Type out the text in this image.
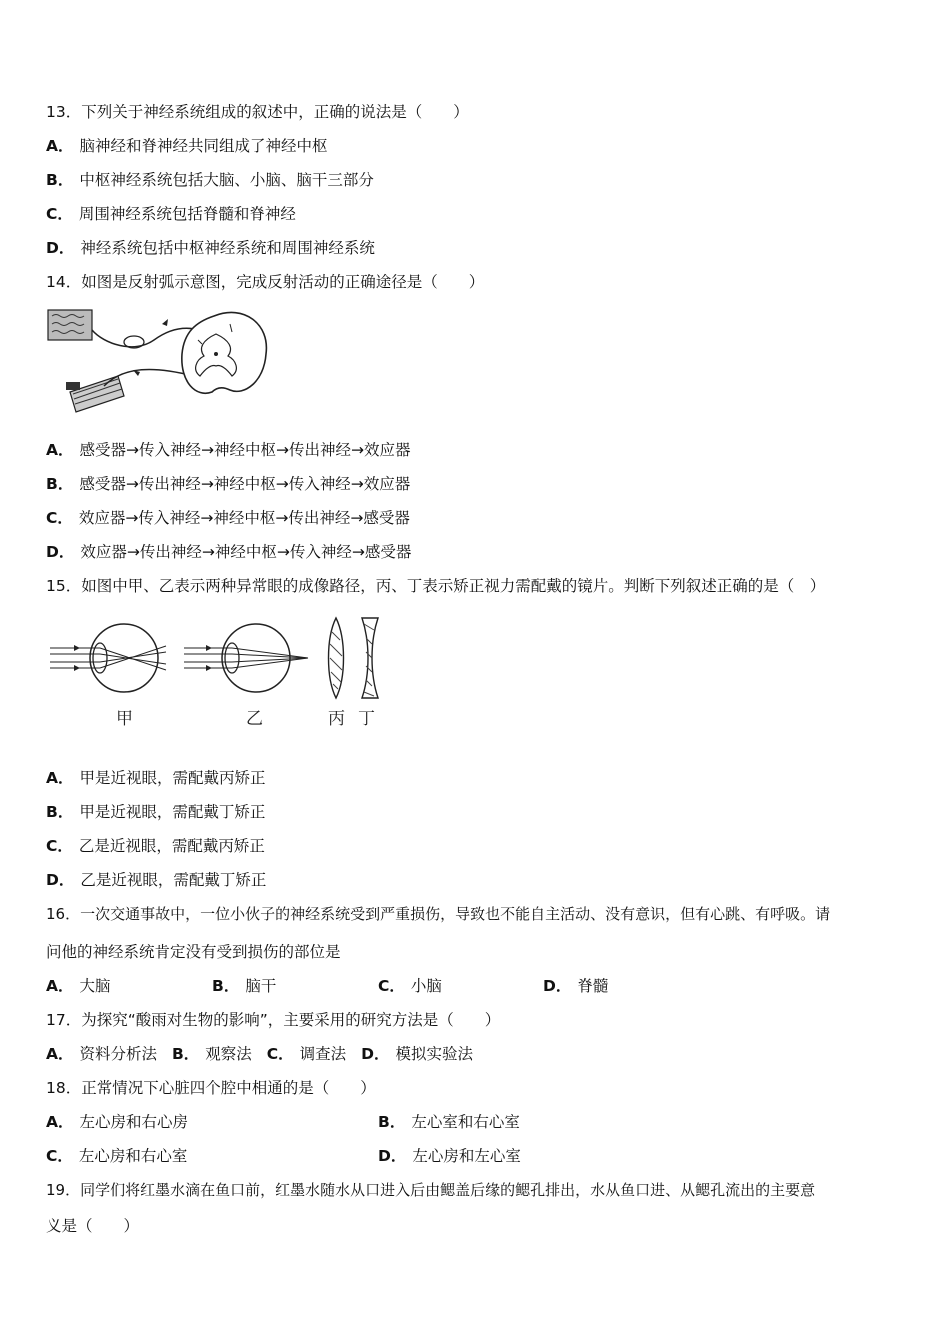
13．下列关于神经系统组成的叙述中，正确的说法是（　　）
A． 脑神经和脊神经共同组成了神经中枢
B． 中枢神经系统包括大脑、小脑、脑干三部分
C． 周围神经系统包括脊髓和脊神经
D． 神经系统包括中枢神经系统和周围神经系统
14．如图是反射弧示意图，完成反射活动的正确途径是（　　）
A． 感受器→传入神经→神经中枢→传出神经→效应器
B． 感受器→传出神经→神经中枢→传入神经→效应器
C． 效应器→传入神经→神经中枢→传出神经→感受器
D． 效应器→传出神经→神经中枢→传入神经→感受器
15．如图中甲、乙表示两种异常眼的成像路径，丙、丁表示矫正视力需配戴的镜片。判断下列叙述正确的是（　）
甲	乙	丙 丁
A． 甲是近视眼，需配戴丙矫正
B． 甲是近视眼，需配戴丁矫正
C． 乙是近视眼，需配戴丙矫正
D． 乙是近视眼，需配戴丁矫正
16．一次交通事故中，一位小伙子的神经系统受到严重损伤，导致也不能自主活动、没有意识，但有心跳、有呼吸。请
问他的神经系统肯定没有受到损伤的部位是
A． 大脑	B． 脑干	C． 小脑	D． 脊髓
17．为探究“酸雨对生物的影响”，主要采用的研究方法是（　　）
A． 资料分析法 B． 观察法 C． 调查法 D． 模拟实验法
18．正常情况下心脏四个腔中相通的是（　　）
A． 左心房和右心房	B． 左心室和右心室
C． 左心房和右心室	D． 左心房和左心室
19．同学们将红墨水滴在鱼口前，红墨水随水从口进入后由鳃盖后缘的鳃孔排出，水从鱼口进、从鳃孔流出的主要意
义是（　　）
